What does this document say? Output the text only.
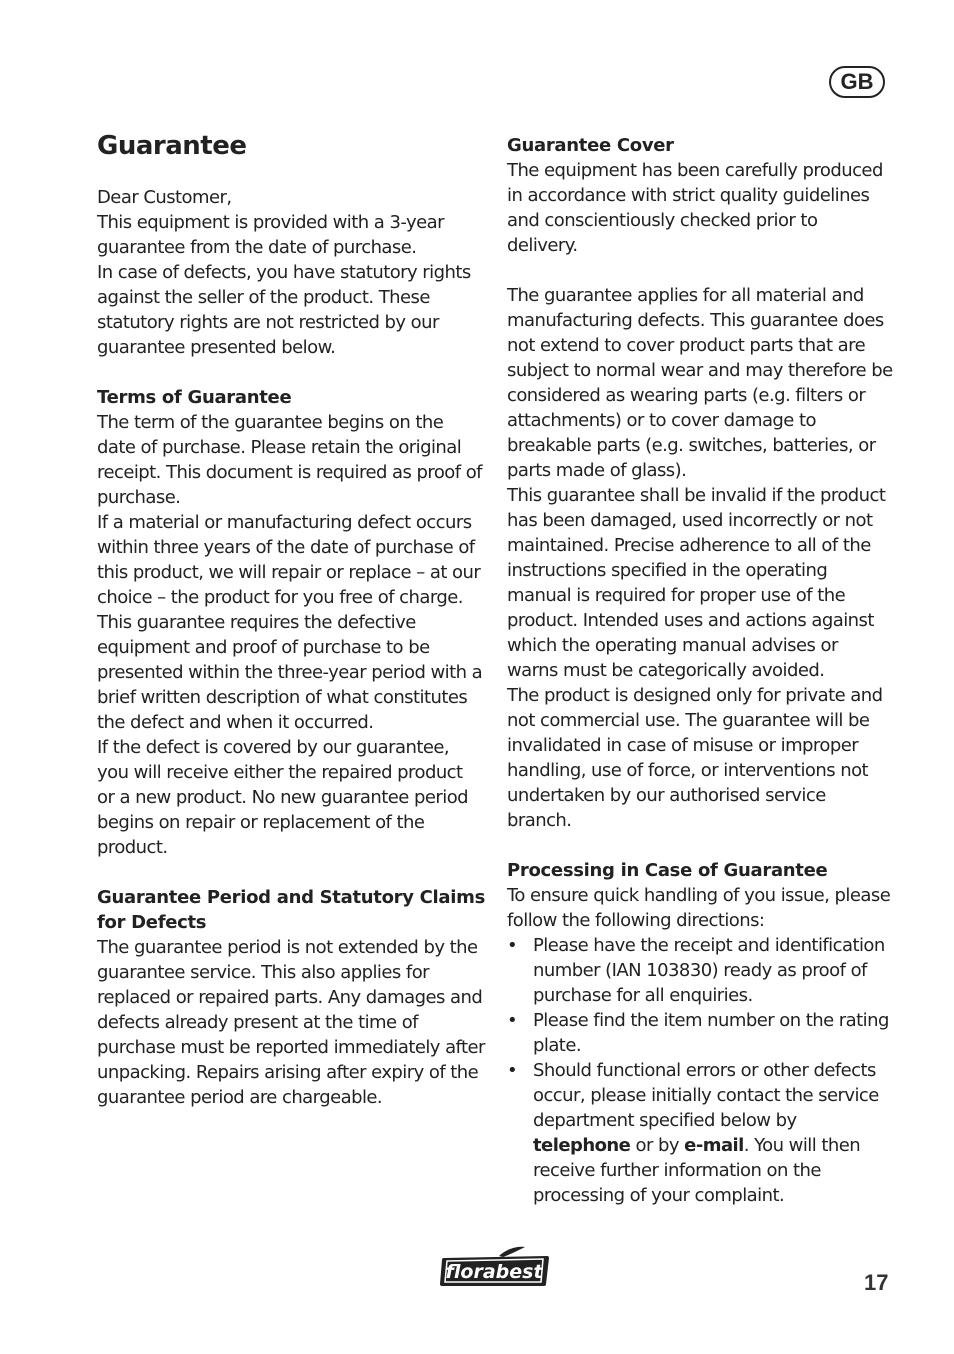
GB
Guarantee

Dear Customer,

This equipment is provided with a 3-year guarantee from the date of purchase.

In case of defects, you have statutory rights against the seller of the product. These statutory rights are not restricted by our guarantee presented below.

Terms of Guarantee

The term of the guarantee begins on the date of purchase. Please retain the original receipt. This document is required as proof of purchase.

If a material or manufacturing defect occurs within three years of the date of purchase of this product, we will repair or replace – at our choice – the product for you free of charge. This guarantee requires the defective equipment and proof of purchase to be presented within the three-year period with a brief written description of what constitutes the defect and when it occurred.

If the defect is covered by our guarantee, you will receive either the repaired product or a new product. No new guarantee period begins on repair or replacement of the product.

Guarantee Period and Statutory Claims for Defects

The guarantee period is not extended by the guarantee service. This also applies for replaced or repaired parts. Any damages and defects already present at the time of purchase must be reported immediately after unpacking. Repairs arising after expiry of the guarantee period are chargeable.

Guarantee Cover

The equipment has been carefully produced in accordance with strict quality guidelines and conscientiously checked prior to delivery.

The guarantee applies for all material and manufacturing defects. This guarantee does not extend to cover product parts that are subject to normal wear and may therefore be considered as wearing parts (e.g. filters or attachments) or to cover damage to breakable parts (e.g. switches, batteries, or parts made of glass).

This guarantee shall be invalid if the product has been damaged, used incorrectly or not maintained. Precise adherence to all of the instructions specified in the operating manual is required for proper use of the product. Intended uses and actions against which the operating manual advises or warns must be categorically avoided.

The product is designed only for private and not commercial use. The guarantee will be invalidated in case of misuse or improper handling, use of force, or interventions not undertaken by our authorised service branch.

Processing in Case of Guarantee

To ensure quick handling of you issue, please follow the following directions:

• Please have the receipt and identification number (IAN 103830) ready as proof of purchase for all enquiries.
• Please find the item number on the rating plate.
• Should functional errors or other defects occur, please initially contact the service department specified below by telephone or by e-mail. You will then receive further information on the processing of your complaint.
florabest	17
